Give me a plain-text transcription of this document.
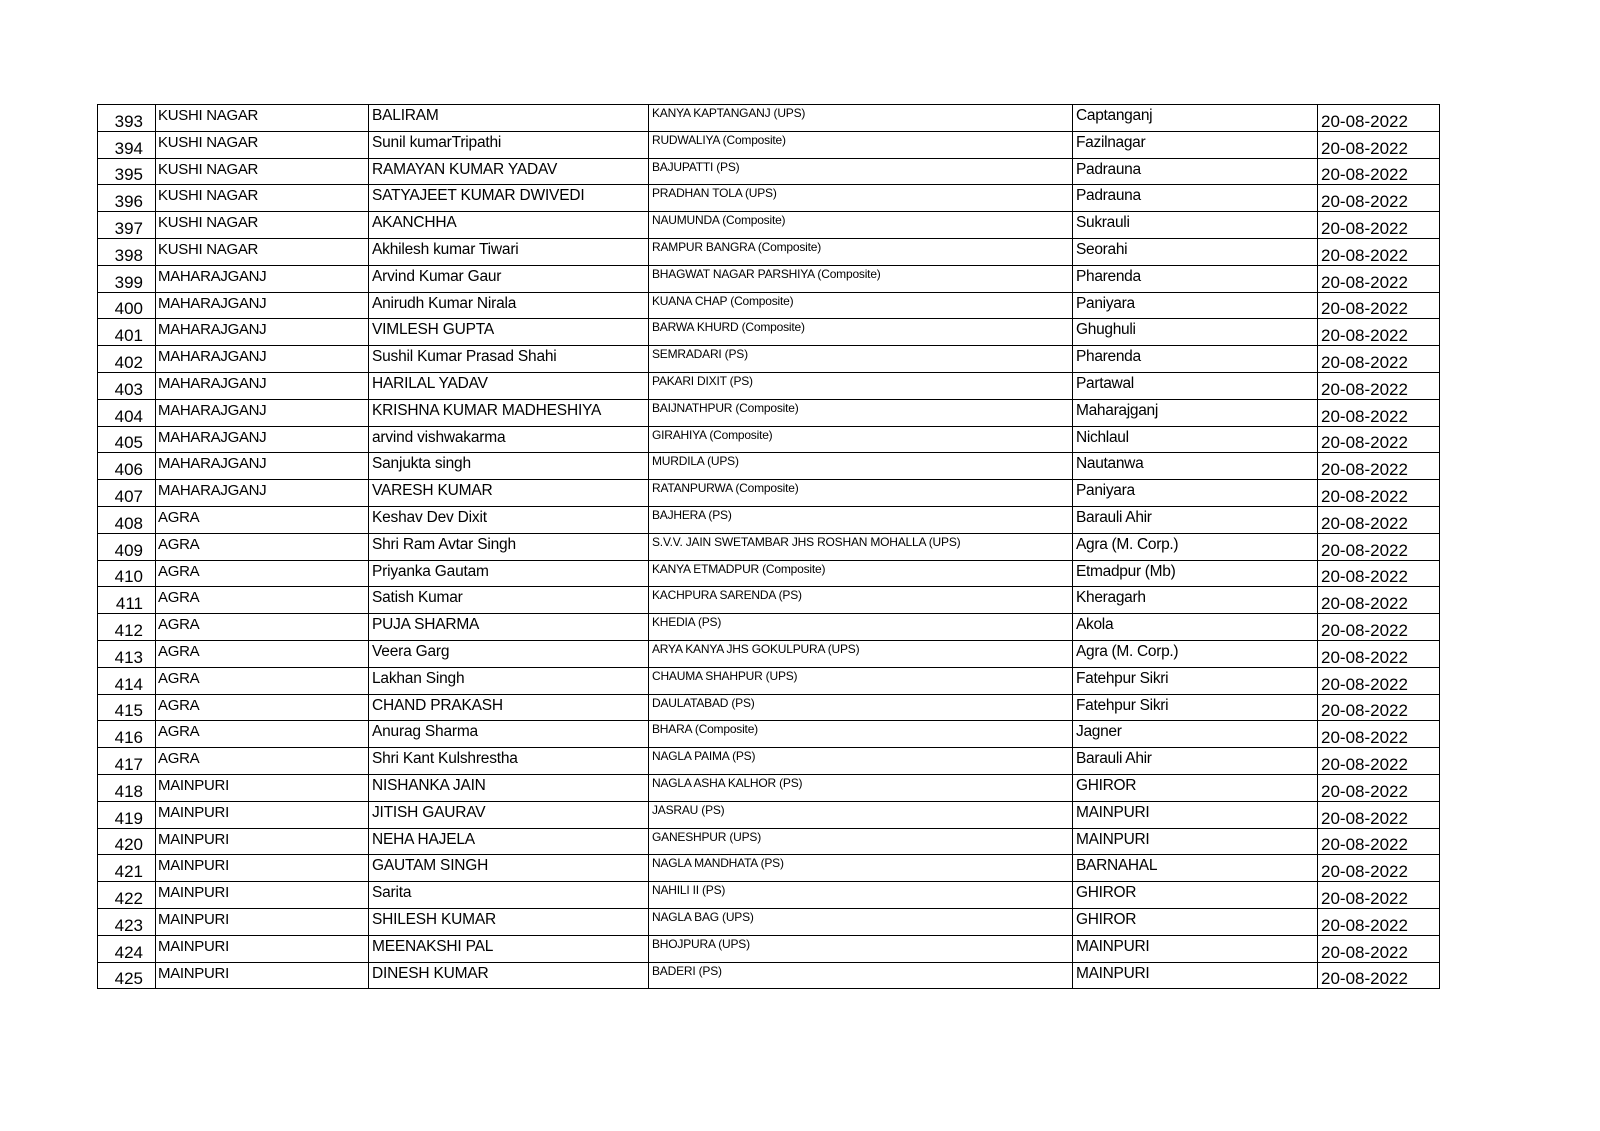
393	KUSHI NAGAR	BALIRAM	KANYA KAPTANGANJ (UPS)	Captanganj	20-08-2022
394	KUSHI NAGAR	Sunil kumarTripathi	RUDWALIYA (Composite)	Fazilnagar	20-08-2022
395	KUSHI NAGAR	RAMAYAN KUMAR YADAV	BAJUPATTI (PS)	Padrauna	20-08-2022
396	KUSHI NAGAR	SATYAJEET KUMAR DWIVEDI	PRADHAN TOLA (UPS)	Padrauna	20-08-2022
397	KUSHI NAGAR	AKANCHHA	NAUMUNDA (Composite)	Sukrauli	20-08-2022
398	KUSHI NAGAR	Akhilesh kumar Tiwari	RAMPUR BANGRA (Composite)	Seorahi	20-08-2022
399	MAHARAJGANJ	Arvind Kumar Gaur	BHAGWAT NAGAR PARSHIYA (Composite)	Pharenda	20-08-2022
400	MAHARAJGANJ	Anirudh Kumar Nirala	KUANA CHAP (Composite)	Paniyara	20-08-2022
401	MAHARAJGANJ	VIMLESH GUPTA	BARWA KHURD (Composite)	Ghughuli	20-08-2022
402	MAHARAJGANJ	Sushil Kumar Prasad Shahi	SEMRADARI (PS)	Pharenda	20-08-2022
403	MAHARAJGANJ	HARILAL YADAV	PAKARI DIXIT (PS)	Partawal	20-08-2022
404	MAHARAJGANJ	KRISHNA KUMAR MADHESHIYA	BAIJNATHPUR (Composite)	Maharajganj	20-08-2022
405	MAHARAJGANJ	arvind vishwakarma	GIRAHIYA (Composite)	Nichlaul	20-08-2022
406	MAHARAJGANJ	Sanjukta singh	MURDILA (UPS)	Nautanwa	20-08-2022
407	MAHARAJGANJ	VARESH KUMAR	RATANPURWA (Composite)	Paniyara	20-08-2022
408	AGRA	Keshav Dev Dixit	BAJHERA (PS)	Barauli Ahir	20-08-2022
409	AGRA	Shri Ram Avtar Singh	S.V.V. JAIN SWETAMBAR JHS ROSHAN MOHALLA (UPS)	Agra (M. Corp.)	20-08-2022
410	AGRA	Priyanka Gautam	KANYA ETMADPUR (Composite)	Etmadpur (Mb)	20-08-2022
411	AGRA	Satish Kumar	KACHPURA SARENDA (PS)	Kheragarh	20-08-2022
412	AGRA	PUJA SHARMA	KHEDIA (PS)	Akola	20-08-2022
413	AGRA	Veera Garg	ARYA KANYA JHS GOKULPURA (UPS)	Agra (M. Corp.)	20-08-2022
414	AGRA	Lakhan Singh	CHAUMA SHAHPUR (UPS)	Fatehpur Sikri	20-08-2022
415	AGRA	CHAND PRAKASH	DAULATABAD (PS)	Fatehpur Sikri	20-08-2022
416	AGRA	Anurag Sharma	BHARA (Composite)	Jagner	20-08-2022
417	AGRA	Shri Kant Kulshrestha	NAGLA PAIMA (PS)	Barauli Ahir	20-08-2022
418	MAINPURI	NISHANKA JAIN	NAGLA ASHA KALHOR (PS)	GHIROR	20-08-2022
419	MAINPURI	JITISH GAURAV	JASRAU (PS)	MAINPURI	20-08-2022
420	MAINPURI	NEHA HAJELA	GANESHPUR (UPS)	MAINPURI	20-08-2022
421	MAINPURI	GAUTAM SINGH	NAGLA MANDHATA (PS)	BARNAHAL	20-08-2022
422	MAINPURI	Sarita	NAHILI II (PS)	GHIROR	20-08-2022
423	MAINPURI	SHILESH KUMAR	NAGLA BAG (UPS)	GHIROR	20-08-2022
424	MAINPURI	MEENAKSHI PAL	BHOJPURA (UPS)	MAINPURI	20-08-2022
425	MAINPURI	DINESH KUMAR	BADERI (PS)	MAINPURI	20-08-2022
